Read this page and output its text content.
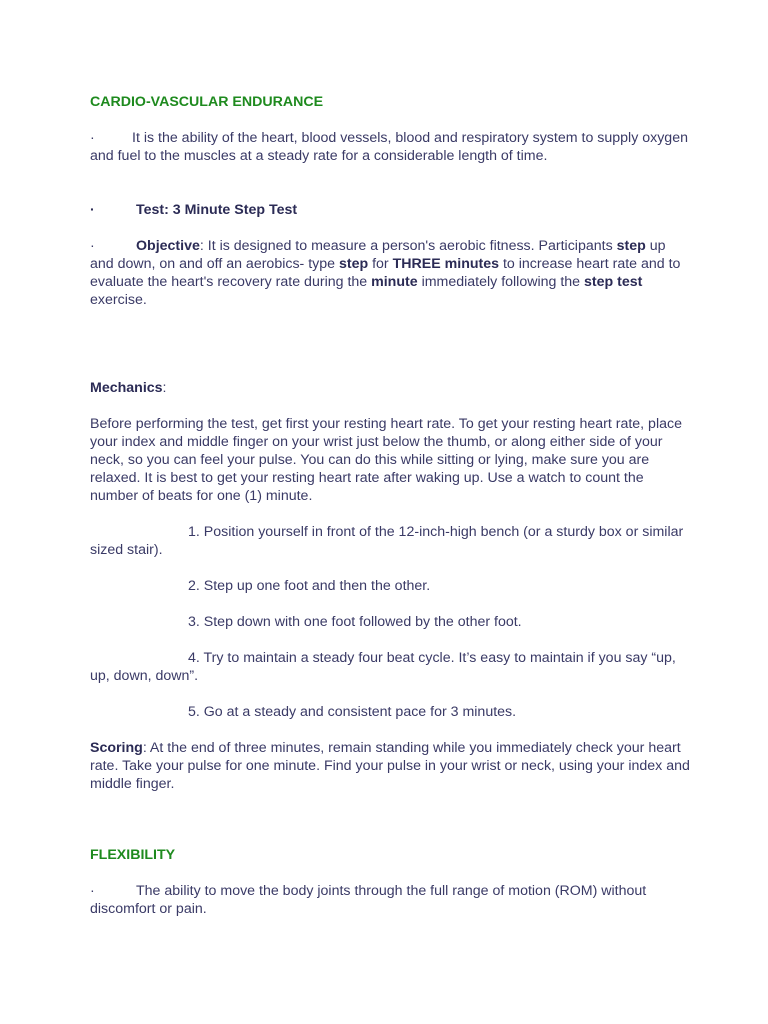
CARDIO-VASCULAR ENDURANCE
·	It is the ability of the heart, blood vessels, blood and respiratory system to supply oxygen and fuel to the muscles at a steady rate for a considerable length of time.
·	Test: 3 Minute Step Test
·	Objective: It is designed to measure a person's aerobic fitness. Participants step up and down, on and off an aerobics- type step for THREE minutes to increase heart rate and to evaluate the heart's recovery rate during the minute immediately following the step test exercise.
Mechanics:
Before performing the test, get first your resting heart rate. To get your resting heart rate, place your index and middle finger on your wrist just below the thumb, or along either side of your neck, so you can feel your pulse. You can do this while sitting or lying, make sure you are relaxed. It is best to get your resting heart rate after waking up. Use a watch to count the number of beats for one (1) minute.
1. Position yourself in front of the 12-inch-high bench (or a sturdy box or similar sized stair).
2. Step up one foot and then the other.
3. Step down with one foot followed by the other foot.
4. Try to maintain a steady four beat cycle. It’s easy to maintain if you say “up, up, down, down”.
5. Go at a steady and consistent pace for 3 minutes.
Scoring: At the end of three minutes, remain standing while you immediately check your heart rate. Take your pulse for one minute. Find your pulse in your wrist or neck, using your index and middle finger.
FLEXIBILITY
·	The ability to move the body joints through the full range of motion (ROM) without discomfort or pain.
